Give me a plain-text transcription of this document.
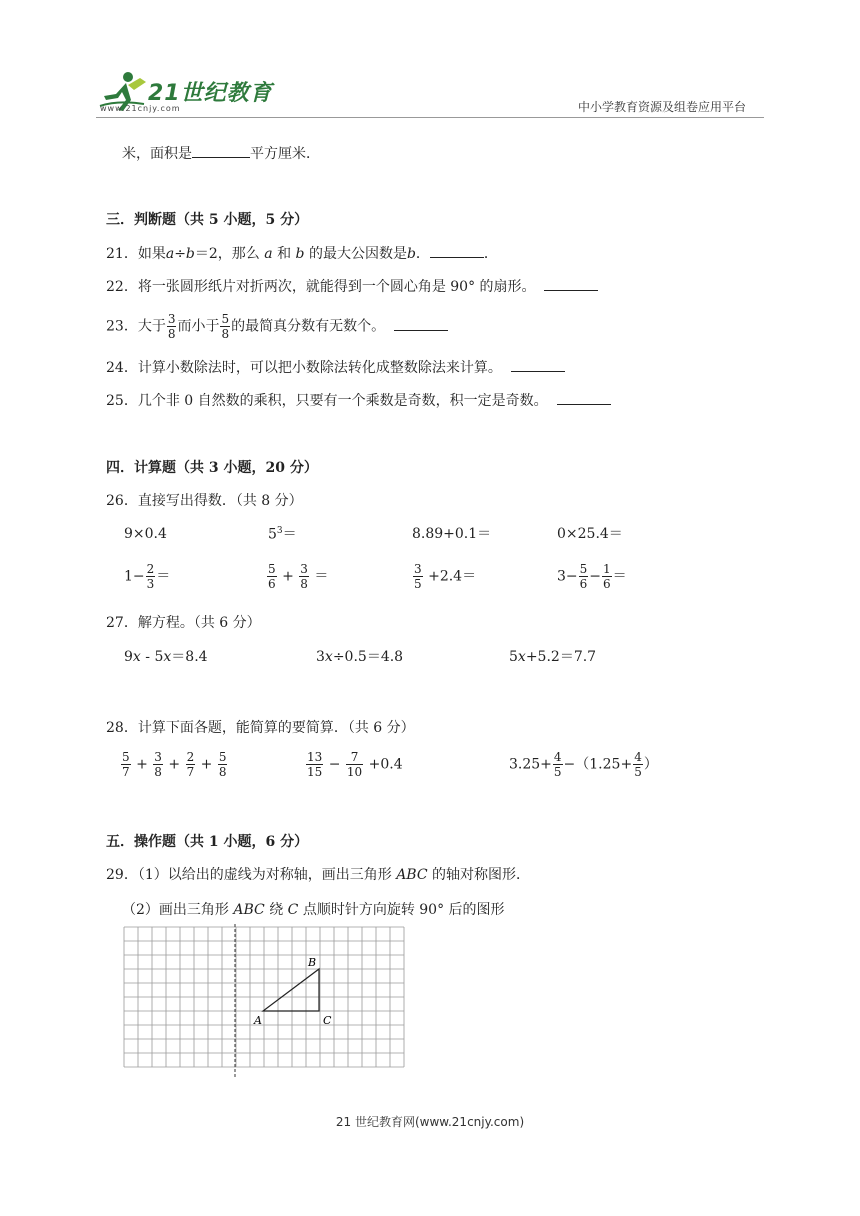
21世纪教育
www.21cnjy.com	中小学教育资源及组卷应用平台
米，面积是	平方厘米．
三．判断题（共 5 小题，5 分）
21．如果a÷b＝2，那么 a 和 b 的最大公因数是b．	．
22．将一张圆形纸片对折两次，就能得到一个圆心角是 90° 的扇形。
23．大于 $\frac{3}{8}$ 而小于 $\frac{5}{8}$ 的最简真分数有无数个。
24．计算小数除法时，可以把小数除法转化成整数除法来计算。
25．几个非 0 自然数的乘积，只要有一个乘数是奇数，积一定是奇数。
四．计算题（共 3 小题，20 分）
26．直接写出得数．（共 8 分）
9×0.4	$5^3=$	8.89+0.1＝	0×25.4＝
$1- \frac{2}{3}$ ＝	$\frac{5}{6} + \frac{3}{8}$ ＝	$\frac{3}{5} +2.4=$	$3- \frac{5}{6} - \frac{1}{6}$ ＝
27．解方程。（共 6 分）
9x ‐ 5x＝8.4	3x÷0.5＝4.8	5x+5.2＝7.7
28．计算下面各题，能简算的要简算．（共 6 分）
$\frac{5}{7} + \frac{3}{8} + \frac{2}{7} + \frac{5}{8}$	$\frac{13}{15} - \frac{7}{10} +0.4$	$3.25+ \frac{4}{5} -(1.25+ \frac{4}{5}$ ）
五．操作题（共 1 小题，6 分）
29．（1）以给出的虚线为对称轴，画出三角形 ABC 的轴对称图形．
（2）画出三角形 ABC 绕 C 点顺时针方向旋转 90° 后的图形
A
B
C
21 世纪教育网(www.21cnjy.com)
